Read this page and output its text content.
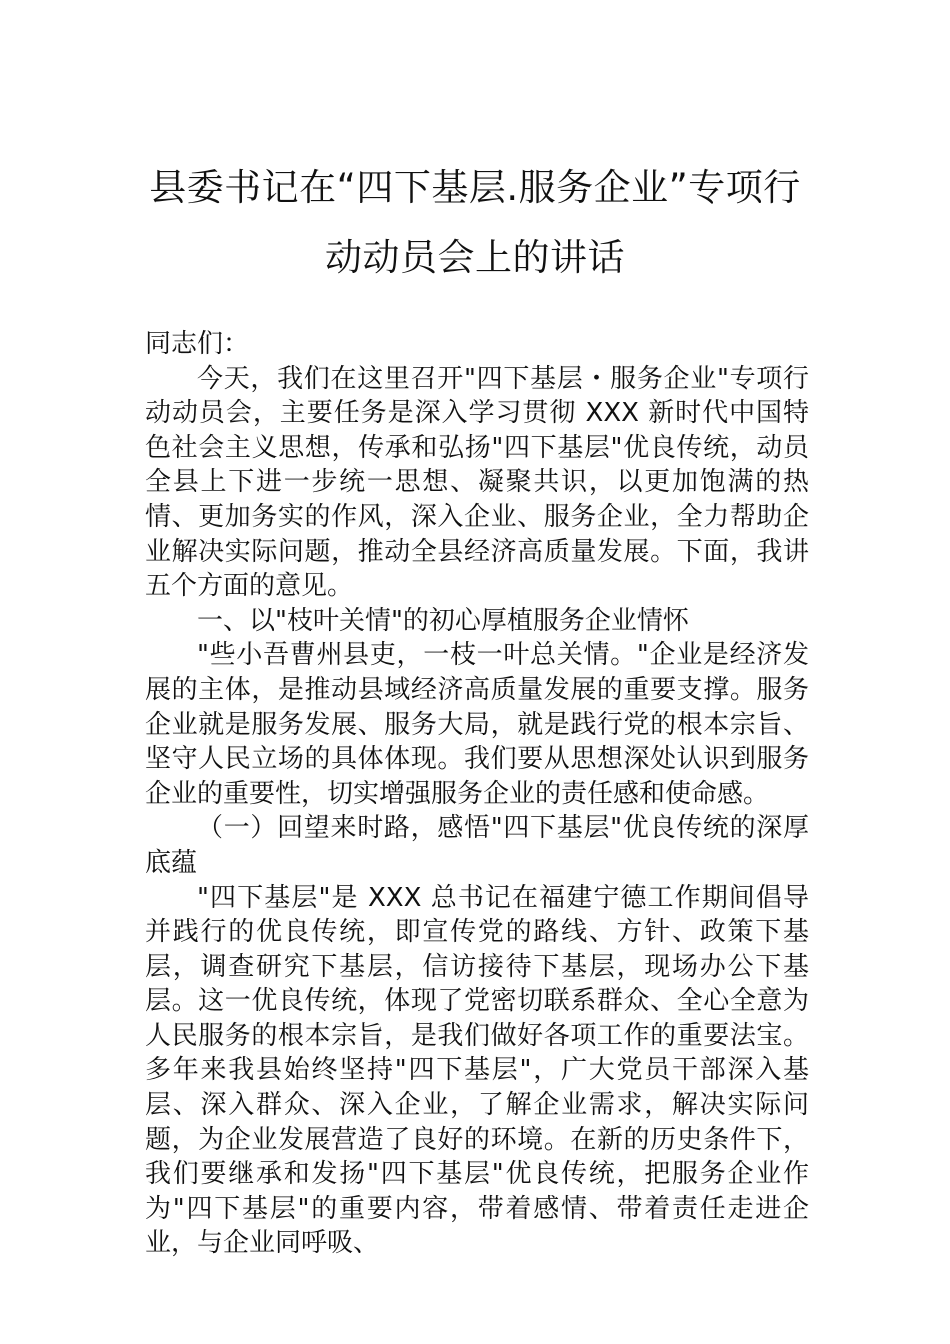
县委书记在“四下基层.服务企业”专项行
动动员会上的讲话

同志们：

今天，我们在这里召开"四下基层・服务企业"专项行动动员会，主要任务是深入学习贯彻 XXX 新时代中国特色社会主义思想，传承和弘扬"四下基层"优良传统，动员全县上下进一步统一思想、凝聚共识，以更加饱满的热情、更加务实的作风，深入企业、服务企业，全力帮助企业解决实际问题，推动全县经济高质量发展。下面，我讲五个方面的意见。

一、以"枝叶关情"的初心厚植服务企业情怀

"些小吾曹州县吏，一枝一叶总关情。"企业是经济发展的主体，是推动县域经济高质量发展的重要支撑。服务企业就是服务发展、服务大局，就是践行党的根本宗旨、坚守人民立场的具体体现。我们要从思想深处认识到服务企业的重要性，切实增强服务企业的责任感和使命感。

（一）回望来时路，感悟"四下基层"优良传统的深厚底蕴

"四下基层"是 XXX 总书记在福建宁德工作期间倡导并践行的优良传统，即宣传党的路线、方针、政策下基层，调查研究下基层，信访接待下基层，现场办公下基层。这一优良传统，体现了党密切联系群众、全心全意为人民服务的根本宗旨，是我们做好各项工作的重要法宝。多年来我县始终坚持"四下基层"，广大党员干部深入基层、深入群众、深入企业，了解企业需求，解决实际问题，为企业发展营造了良好的环境。在新的历史条件下，我们要继承和发扬"四下基层"优良传统，把服务企业作为"四下基层"的重要内容，带着感情、带着责任走进企业，与企业同呼吸、
